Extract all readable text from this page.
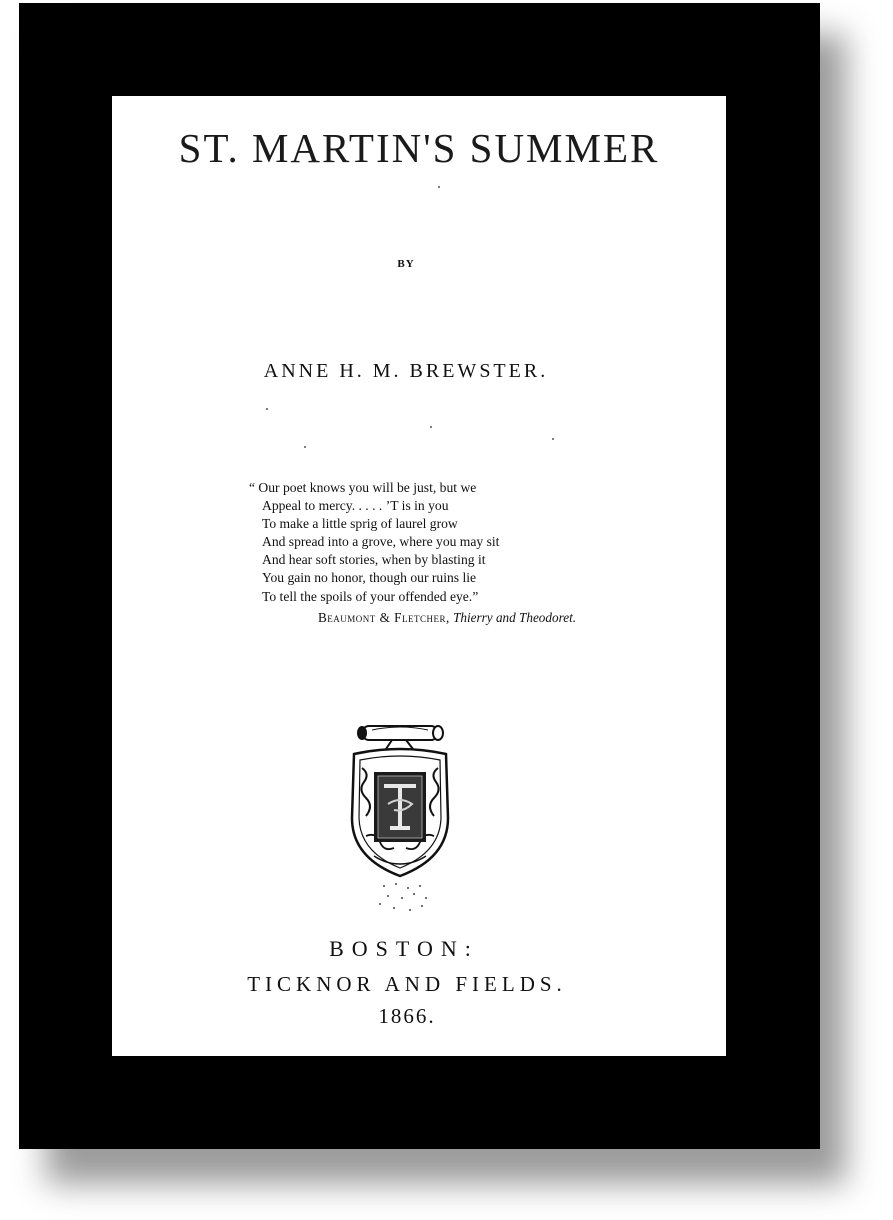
ST. MARTIN'S SUMMER
BY
ANNE H. M. BREWSTER.
“ Our poet knows you will be just, but we
Appeal to mercy. . . . . ’T is in you
To make a little sprig of laurel grow
And spread into a grove, where you may sit
And hear soft stories, when by blasting it
You gain no honor, though our ruins lie
To tell the spoils of your offended eye.”
Beaumont & Fletcher, Thierry and Theodoret.
BOSTON:
TICKNOR AND FIELDS.
1866.
